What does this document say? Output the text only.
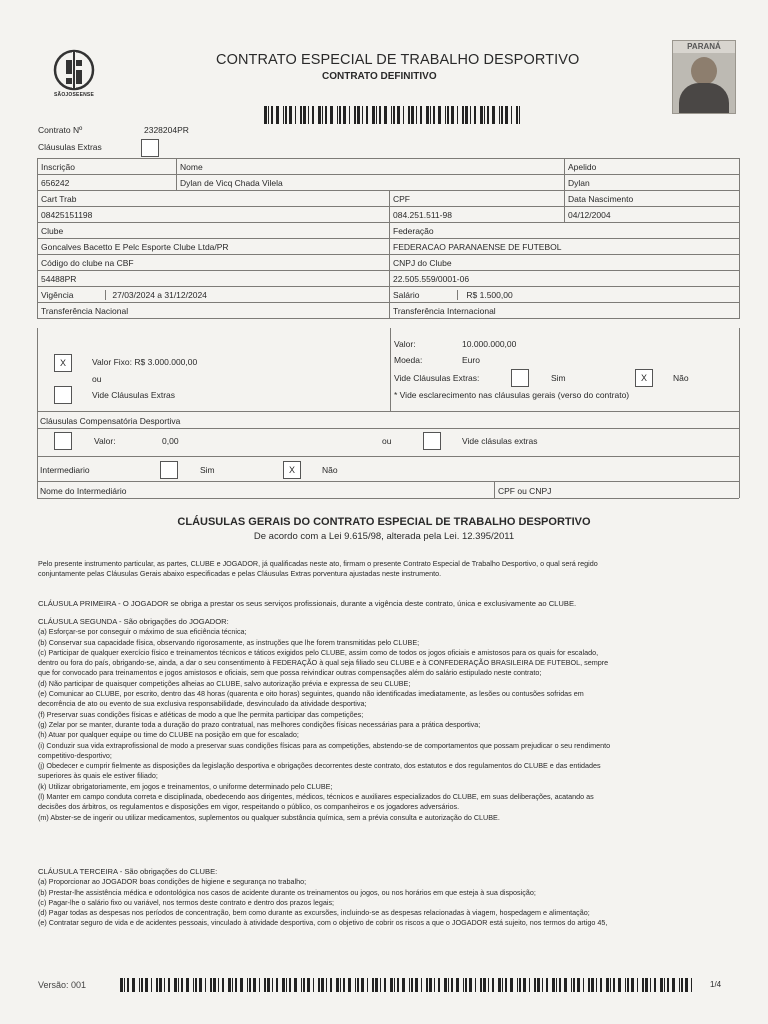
SÃOJOSEENSE
CONTRATO ESPECIAL DE TRABALHO DESPORTIVO
CONTRATO DEFINITIVO
PARANÁ
Contrato Nº	2328204PR
Cláusulas Extras
Inscrição	Nome		Apelido
656242	Dylan de Vicq Chada Vilela		Dylan
Cart Trab		CPF	Data Nascimento
08425151198		084.251.511-98	04/12/2004
Clube		Federação	
Goncalves Bacetto E Pelc Esporte Clube Ltda/PR		FEDERACAO PARANAENSE DE FUTEBOL	
Código do clube na CBF		CNPJ do Clube	
54488PR		22.505.559/0001-06	
Vigência 27/03/2024 a 31/12/2024		Salário R$ 1.500,00	
Transferência Nacional		Transferência Internacional	
X	Valor Fixo: R$ 3.000.000,00
ou
Vide Cláusulas Extras
Valor:	10.000.000,00
Moeda:	Euro
Vide Cláusulas Extras:	Sim	X	Não
* Vide esclarecimento nas cláusulas gerais (verso do contrato)
Cláusulas Compensatória Desportiva
Valor:	0,00	ou	Vide clásulas extras
Intermediario	Sim	X	Não
Nome do Intermediário	CPF ou CNPJ
CLÁUSULAS GERAIS DO CONTRATO ESPECIAL DE TRABALHO DESPORTIVO
De acordo com a Lei 9.615/98, alterada pela Lei. 12.395/2011
Pelo presente instrumento particular, as partes, CLUBE e JOGADOR, já qualificadas neste ato, firmam o presente Contrato Especial de Trabalho Desportivo, o qual será regido
conjuntamente pelas Cláusulas Gerais abaixo especificadas e pelas Cláusulas Extras porventura ajustadas neste instrumento.
CLÁUSULA PRIMEIRA - O JOGADOR se obriga a prestar os seus serviços profissionais, durante a vigência deste contrato, única e exclusivamente ao CLUBE.
CLÁUSULA SEGUNDA - São obrigações do JOGADOR:
(a) Esforçar-se por conseguir o máximo de sua eficiência técnica;
(b) Conservar sua capacidade física, observando rigorosamente, as instruções que lhe forem transmitidas pelo CLUBE;
(c) Participar de qualquer exercício físico e treinamentos técnicos e táticos exigidos pelo CLUBE, assim como de todos os jogos oficiais e amistosos para os quais for escalado,
dentro ou fora do país, obrigando-se, ainda, a dar o seu consentimento à FEDERAÇÃO à qual seja filiado seu CLUBE e à CONFEDERAÇÃO BRASILEIRA DE FUTEBOL, sempre
que for convocado para treinamentos e jogos amistosos e oficiais, sem que possa reivindicar outras compensações além do salário estipulado neste contrato;
(d) Não participar de quaisquer competições alheias ao CLUBE, salvo autorização prévia e expressa de seu CLUBE;
(e) Comunicar ao CLUBE, por escrito, dentro das 48 horas (quarenta e oito horas) seguintes, quando não identificadas imediatamente, as lesões ou contusões sofridas em
decorrência de ato ou evento de sua exclusiva responsabilidade, desvinculado da atividade desportiva;
(f) Preservar suas condições físicas e atléticas de modo a que lhe permita participar das competições;
(g) Zelar por se manter, durante toda a duração do prazo contratual, nas melhores condições físicas necessárias para a prática desportiva;
(h) Atuar por qualquer equipe ou time do CLUBE na posição em que for escalado;
(i) Conduzir sua vida extraprofissional de modo a preservar suas condições físicas para as competições, abstendo-se de comportamentos que possam prejudicar o seu rendimento
competitivo-desportivo;
(j) Obedecer e cumprir fielmente as disposições da legislação desportiva e obrigações decorrentes deste contrato, dos estatutos e dos regulamentos do CLUBE e das entidades
superiores às quais ele estiver filiado;
(k) Utilizar obrigatoriamente, em jogos e treinamentos, o uniforme determinado pelo CLUBE;
(l) Manter em campo conduta correta e disciplinada, obedecendo aos dirigentes, médicos, técnicos e auxiliares especializados do CLUBE, em suas deliberações, acatando as
decisões dos árbitros, os regulamentos e disposições em vigor, respeitando o público, os companheiros e os jogadores adversários.
(m) Abster-se de ingerir ou utilizar medicamentos, suplementos ou qualquer substância química, sem a prévia consulta e autorização do CLUBE.
CLÁUSULA TERCEIRA - São obrigações do CLUBE:
(a) Proporcionar ao JOGADOR boas condições de higiene e segurança no trabalho;
(b) Prestar-lhe assistência médica e odontológica nos casos de acidente durante os treinamentos ou jogos, ou nos horários em que esteja à sua disposição;
(c) Pagar-lhe o salário fixo ou variável, nos termos deste contrato e dentro dos prazos legais;
(d) Pagar todas as despesas nos períodos de concentração, bem como durante as excursões, incluindo-se as despesas relacionadas à viagem, hospedagem e alimentação;
(e) Contratar seguro de vida e de acidentes pessoais, vinculado à atividade desportiva, com o objetivo de cobrir os riscos a que o JOGADOR está sujeito, nos termos do artigo 45,
Versão: 001	1/4
